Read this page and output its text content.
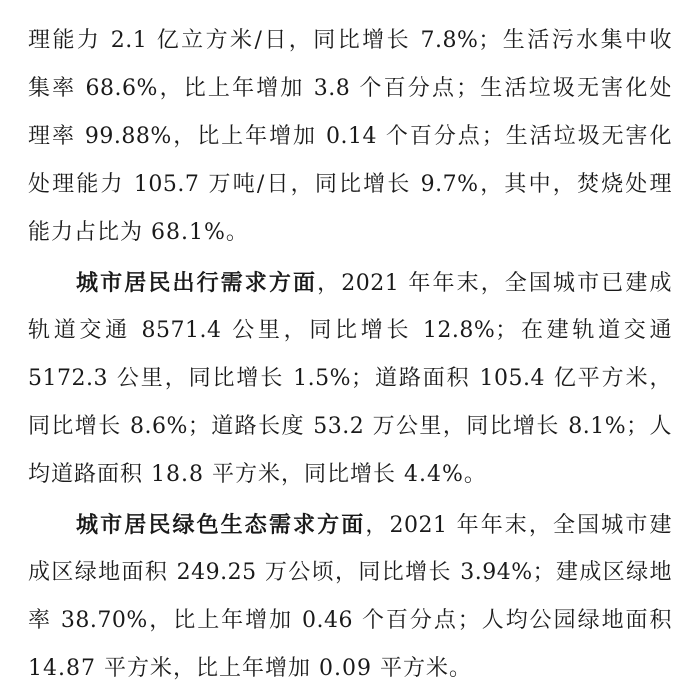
理能力 2.1 亿立方米/日，同比增长 7.8%；生活污水集中收

集率 68.6%，比上年增加 3.8 个百分点；生活垃圾无害化处

理率 99.88%，比上年增加 0.14 个百分点；生活垃圾无害化

处理能力 105.7 万吨/日，同比增长 9.7%，其中，焚烧处理

能力占比为 68.1%。

城市居民出行需求方面，2021 年年末，全国城市已建成

轨道交通 8571.4 公里，同比增长 12.8%；在建轨道交通

5172.3 公里，同比增长 1.5%；道路面积 105.4 亿平方米，

同比增长 8.6%；道路长度 53.2 万公里，同比增长 8.1%；人

均道路面积 18.8 平方米，同比增长 4.4%。

城市居民绿色生态需求方面，2021 年年末，全国城市建

成区绿地面积 249.25 万公顷，同比增长 3.94%；建成区绿地

率 38.70%，比上年增加 0.46 个百分点；人均公园绿地面积

14.87 平方米，比上年增加 0.09 平方米。
